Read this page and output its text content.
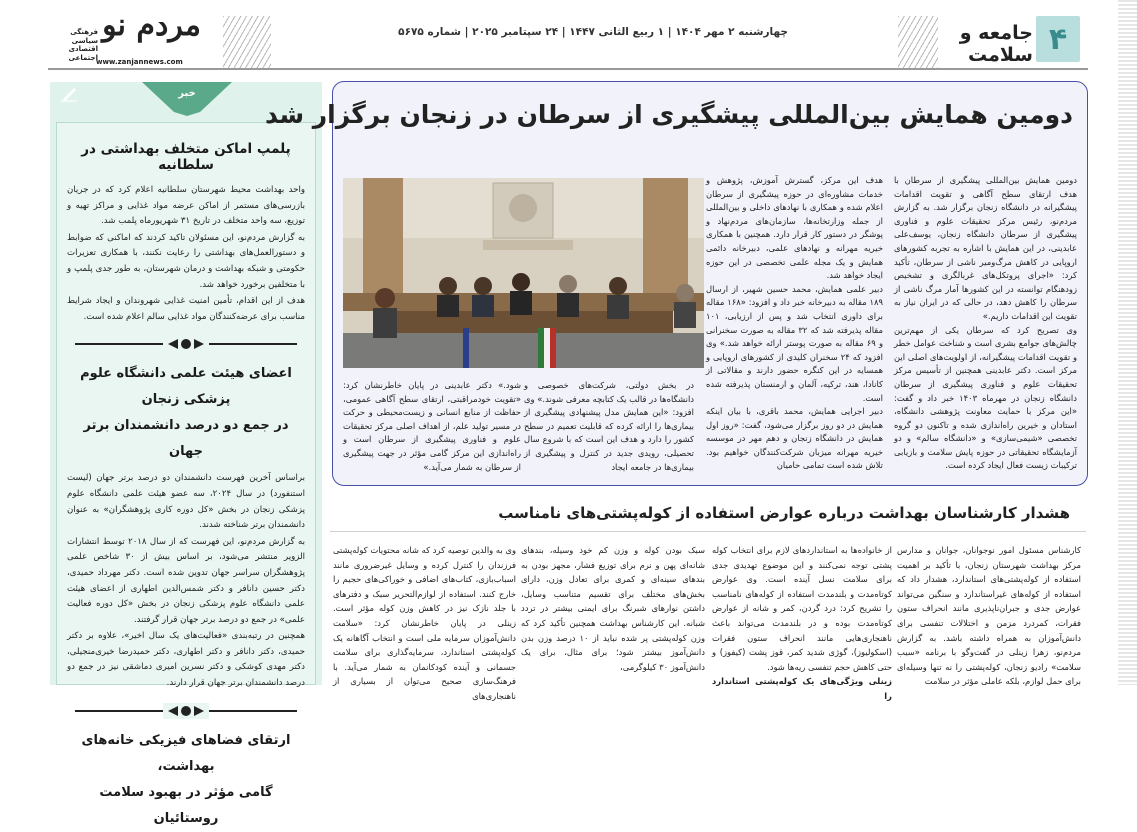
مردم نو
فرهنگی
سیاسی
اقتصادی
اجتماعی
www.zanjannews.com
چهارشنبه ۲ مهر ۱۴۰۴ | ۱ ربیع الثانی ۱۴۴۷ | ۲۴ سپتامبر ۲۰۲۵ | شماره ۵۶۷۵	جامعه و سلامت ۴
خبر
پلمپ اماکن متخلف بهداشتی در سلطانیه

واحد بهداشت محیط شهرستان سلطانیه اعلام کرد که در جریان بازرسی‌های مستمر از اماکن عرضه مواد غذایی و مراکز تهیه و توزیع، سه واحد متخلف در تاریخ ۳۱ شهریورماه پلمب شد.

به گزارش مردم‌نو، این مسئولان تاکید کردند که اماکنی که ضوابط و دستورالعمل‌های بهداشتی را رعایت نکنند، با همکاری تعزیرات حکومتی و شبکه بهداشت و درمان شهرستان، به طور جدی پلمپ و با متخلفین برخورد خواهد شد.

هدف از این اقدام، تأمین امنیت غذایی شهروندان و ایجاد شرایط مناسب برای عرضه‌کنندگان مواد غذایی سالم اعلام شده است.

اعضای هیئت علمی دانشگاه علوم پزشکی زنجان
در جمع دو درصد دانشمندان برتر جهان

براساس آخرین فهرست دانشمندان دو درصد برتر جهان (لیست استنفورد) در سال ۲۰۲۴، سه عضو هیئت علمی دانشگاه علوم پزشکی زنجان در بخش «کل دوره کاری پژوهشگران» به عنوان دانشمندان برتر شناخته شدند.

به گزارش مردم‌نو، این فهرست که از سال ۲۰۱۸ توسط انتشارات الزویر منتشر می‌شود، بر اساس بیش از ۳۰ شاخص علمی پژوهشگران سراسر جهان تدوین شده است. دکتر مهرداد حمیدی، دکتر حسین دانافر و دکتر شمس‌الدین اطهاری از اعضای هیئت علمی دانشگاه علوم پزشکی زنجان در بخش «کل دوره فعالیت علمی» در جمع دو درصد برتر جهان قرار گرفتند.

همچنین در رتبه‌بندی «فعالیت‌های یک سال اخیر»، علاوه بر دکتر حمیدی، دکتر دانافر و دکتر اطهاری، دکتر حمیدرضا خیری‌منجیلی، دکتر مهدی کوشکی و دکتر نسرین امیری دماشقی نیز در جمع دو درصد دانشمندان برتر جهان قرار دارند.

ارتقای فضاهای فیزیکی خانه‌های بهداشت،
گامی مؤثر در بهبود سلامت روستائیان
دومین همایش بین‌المللی پیشگیری از سرطان در زنجان برگزار شد

دومین همایش بین‌المللی پیشگیری از سرطان با هدف ارتقای سطح آگاهی و تقویت اقدامات پیشگیرانه در دانشگاه زنجان برگزار شد. به گزارش مردم‌نو، رئیس مرکز تحقیقات علوم و فناوری پیشگیری از سرطان دانشگاه زنجان، یوسف‌علی عابدینی، در این همایش با اشاره به تجربه کشورهای اروپایی در کاهش مرگ‌ومیر ناشی از سرطان، تأکید کرد: «اجرای پروتکل‌های غربالگری و تشخیص زودهنگام توانسته در این کشورها آمار مرگ ناشی از سرطان را کاهش دهد، در حالی که در ایران نیاز به تقویت این اقدامات داریم.»

وی تصریح کرد که سرطان یکی از مهم‌ترین چالش‌های جوامع بشری است و شناخت عوامل خطر و تقویت اقدامات پیشگیرانه، از اولویت‌های اصلی این مرکز است. دکتر عابدینی همچنین از تأسیس مرکز تحقیقات علوم و فناوری پیشگیری از سرطان دانشگاه زنجان در مهرماه ۱۴۰۳ خبر داد و گفت: «این مرکز با حمایت معاونت پژوهشی دانشگاه، استادان و خیرین راه‌اندازی شده و تاکنون دو گروه تخصصی «شیمی‌سازی» و «دانشگاه سالم» و دو آزمایشگاه تحقیقاتی در حوزه پایش سلامت و بازیابی ترکیبات زیست فعال ایجاد کرده است.

هدف این مرکز، گسترش آموزش، پژوهش و خدمات مشاوره‌ای در حوزه پیشگیری از سرطان اعلام شده و همکاری با نهادهای داخلی و بین‌المللی از جمله وزارتخانه‌ها، سازمان‌های مردم‌نهاد و پوشگر در دستور کار قرار دارد. همچنین با همکاری خیریه مهرانه و نهادهای علمی، دبیرخانه دائمی همایش و یک مجله علمی تخصصی در این حوزه ایجاد خواهد شد.

دبیر علمی همایش، محمد حسین شهیر، از ارسال ۱۸۹ مقاله به دبیرخانه خبر داد و افزود: «۱۶۸ مقاله برای داوری انتخاب شد و پس از ارزیابی، ۱۰۱ مقاله پذیرفته شد که ۳۲ مقاله به صورت سخنرانی و ۶۹ مقاله به صورت پوستر ارائه خواهد شد.» وی افزود که ۲۴ سخنران کلیدی از کشورهای اروپایی و همسایه در این کنگره حضور دارند و مقالاتی از کانادا، هند، ترکیه، آلمان و ارمنستان پذیرفته شده است.

دبیر اجرایی همایش، محمد باقری، با بیان اینکه همایش در دو روز برگزار می‌شود، گفت: «روز اول همایش در دانشگاه زنجان و دهم مهر در موسسه خیریه مهرانه میزبان شرکت‌کنندگان خواهیم بود. تلاش شده است تمامی حامیان

در بخش دولتی، شرکت‌های خصوصی و دانشگاه‌ها در قالب یک کتابچه معرفی شوند.» وی افزود: «این همایش مدل پیشنهادی پیشگیری از بیماری‌ها را ارائه کرده که قابلیت تعمیم در سطح کشور را دارد و هدف این است که با شروع سال تحصیلی، رویدی جدید در کنترل و پیشگیری از بیماری‌ها در جامعه ایجاد
شود.» دکتر عابدینی در پایان خاطرنشان کرد: «تقویت خودمراقبتی، ارتقای سطح آگاهی عمومی، حفاظت از منابع انسانی و زیست‌محیطی و حرکت در مسیر تولید علم، از اهداف اصلی مرکز تحقیقات علوم و فناوری پیشگیری از سرطان است و راه‌اندازی این مرکز گامی مؤثر در جهت پیشگیری از سرطان به شمار می‌آید.»
هشدار کارشناسان بهداشت درباره عوارض استفاده از کوله‌پشتی‌های نامناسب
کارشناس مسئول امور نوجوانان، جوانان و مدارس مرکز بهداشت شهرستان زنجان، با تأکید بر اهمیت استفاده از کوله‌پشتی‌های استاندارد، هشدار داد که استفاده از کوله‌های غیراستاندارد و سنگین می‌تواند عوارض جدی و جبران‌ناپذیری مانند انحراف ستون فقرات، کمردرد مزمن و اختلالات تنفسی برای دانش‌آموزان به همراه داشته باشد. به گزارش مردم‌نو، زهرا زینلی در گفت‌وگو با برنامه «سیب سلامت» رادیو زنجان، کوله‌پشتی را نه تنها وسیله‌ای برای حمل لوازم، بلکه عاملی مؤثر در سلامت
از خانواده‌ها به استانداردهای لازم برای انتخاب کوله پشتی توجه نمی‌کنند و این موضوع تهدیدی جدی برای سلامت نسل آینده است. وی عوارض کوتاه‌مدت و بلندمدت استفاده از کوله‌های نامناسب را تشریح کرد: درد گردن، کمر و شانه از عوارض کوتاه‌مدت بوده و در بلندمدت می‌تواند باعث ناهنجاری‌هایی مانند انحراف ستون فقرات (اسکولیوز)، گوژی شدید کمر، قوز پشت (کیفوز) و حتی کاهش حجم تنفسی ریه‌ها شود.
زینلی ویژگی‌های یک کوله‌پشتی استاندارد را
سبک بودن کوله و وزن کم خود وسیله، بندهای شانه‌ای پهن و نرم برای توزیع فشار، مجهز بودن به بندهای سینه‌ای و کمری برای تعادل وزن، دارای بخش‌های مختلف برای تقسیم متناسب وسایل، داشتن نوارهای شبرنگ برای ایمنی بیشتر در تردد شبانه. این کارشناس بهداشت همچنین تأکید کرد که وزن کوله‌پشتی پر شده نباید از ۱۰ درصد وزن بدن دانش‌آموز بیشتر شود؛ برای مثال، برای یک دانش‌آموز ۳۰ کیلوگرمی،
وی به والدین توصیه کرد که شانه محتویات کوله‌پشتی فرزندان را کنترل کرده و وسایل غیرضروری مانند اسباب‌بازی، کتاب‌های اضافی و خوراکی‌های حجیم را خارج کنند. استفاده از لوازم‌التحریر سبک و دفترهای با جلد نازک نیز در کاهش وزن کوله مؤثر است. زینلی در پایان خاطرنشان کرد: «سلامت دانش‌آموزان سرمایه ملی است و انتخاب آگاهانه یک کوله‌پشتی استاندارد، سرمایه‌گذاری برای سلامت جسمانی و آینده کودکانمان به شمار می‌آید. با فرهنگ‌سازی صحیح می‌توان از بسیاری از ناهنجاری‌های
